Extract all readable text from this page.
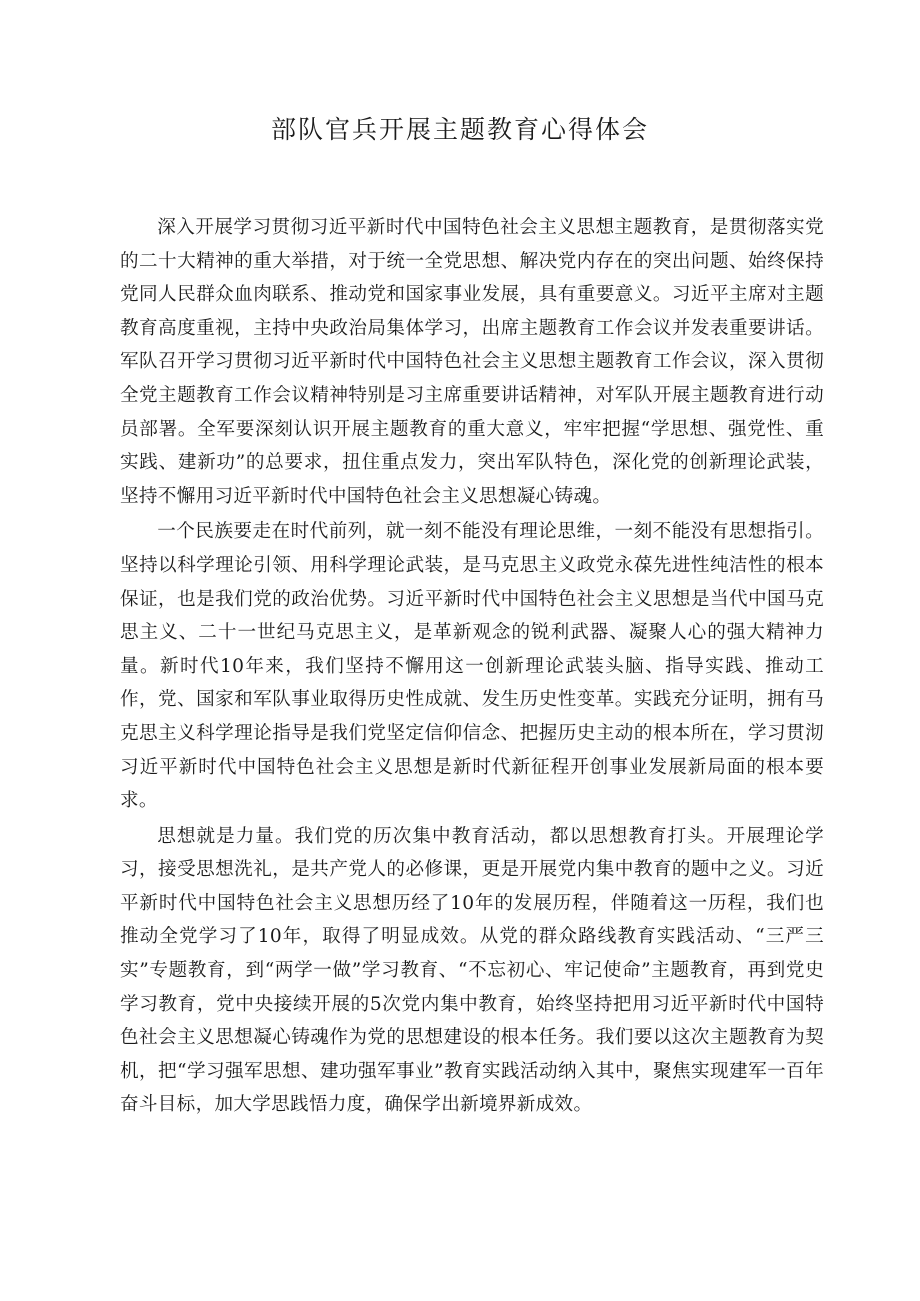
部队官兵开展主题教育心得体会

深入开展学习贯彻习近平新时代中国特色社会主义思想主题教育，是贯彻落实党的二十大精神的重大举措，对于统一全党思想、解决党内存在的突出问题、始终保持党同人民群众血肉联系、推动党和国家事业发展，具有重要意义。习近平主席对主题教育高度重视，主持中央政治局集体学习，出席主题教育工作会议并发表重要讲话。军队召开学习贯彻习近平新时代中国特色社会主义思想主题教育工作会议，深入贯彻全党主题教育工作会议精神特别是习主席重要讲话精神，对军队开展主题教育进行动员部署。全军要深刻认识开展主题教育的重大意义，牢牢把握“学思想、强党性、重实践、建新功”的总要求，扭住重点发力，突出军队特色，深化党的创新理论武装，坚持不懈用习近平新时代中国特色社会主义思想凝心铸魂。

一个民族要走在时代前列，就一刻不能没有理论思维，一刻不能没有思想指引。坚持以科学理论引领、用科学理论武装，是马克思主义政党永葆先进性纯洁性的根本保证，也是我们党的政治优势。习近平新时代中国特色社会主义思想是当代中国马克思主义、二十一世纪马克思主义，是革新观念的锐利武器、凝聚人心的强大精神力量。新时代10年来，我们坚持不懈用这一创新理论武装头脑、指导实践、推动工作，党、国家和军队事业取得历史性成就、发生历史性变革。实践充分证明，拥有马克思主义科学理论指导是我们党坚定信仰信念、把握历史主动的根本所在，学习贯沏习近平新时代中国特色社会主义思想是新时代新征程开创事业发展新局面的根本要求。

思想就是力量。我们党的历次集中教育活动，都以思想教育打头。开展理论学习，接受思想洗礼，是共产党人的必修课，更是开展党内集中教育的题中之义。习近平新时代中国特色社会主义思想历经了10年的发展历程，伴随着这一历程，我们也推动全党学习了10年，取得了明显成效。从党的群众路线教育实践活动、“三严三实”专题教育，到“两学一做”学习教育、“不忘初心、牢记使命”主题教育，再到党史学习教育，党中央接续开展的5次党内集中教育，始终坚持把用习近平新时代中国特色社会主义思想凝心铸魂作为党的思想建设的根本任务。我们要以这次主题教育为契机，把“学习强军思想、建功强军事业”教育实践活动纳入其中，聚焦实现建军一百年奋斗目标，加大学思践悟力度，确保学出新境界新成效。
